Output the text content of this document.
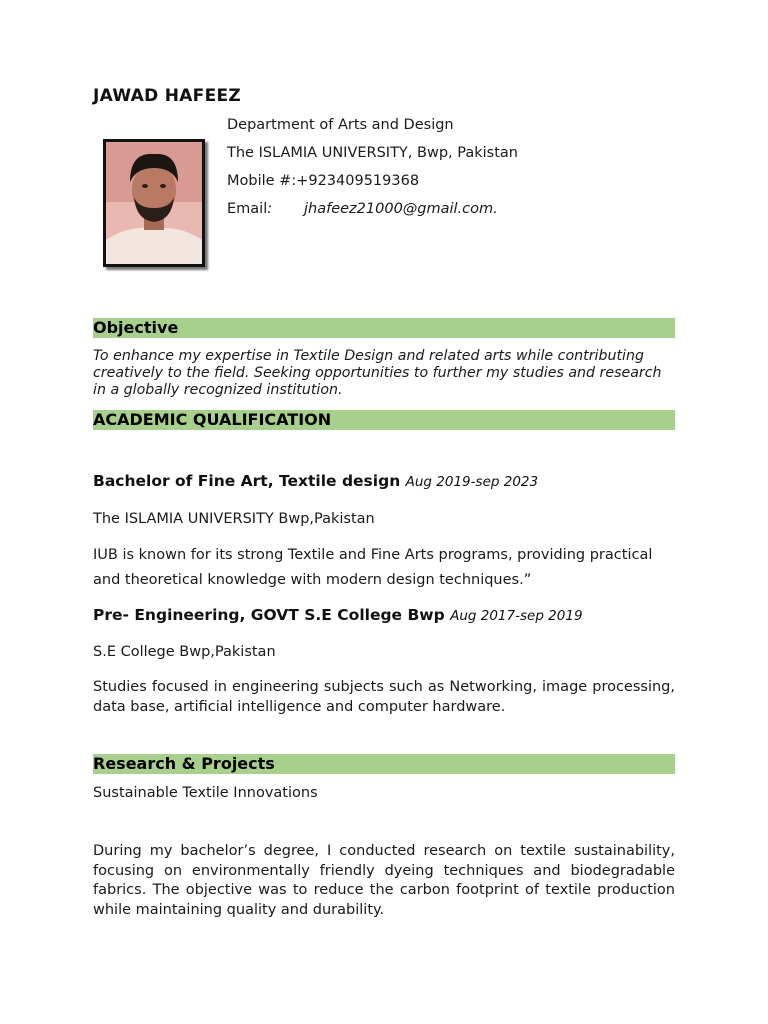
JAWAD HAFEEZ
Department of Arts and Design
The ISLAMIA UNIVERSITY, Bwp, Pakistan
Mobile #:+923409519368
Email: jhafeez21000@gmail.com.
Objective
To enhance my expertise in Textile Design and related arts while contributing creatively to the field. Seeking opportunities to further my studies and research in a globally recognized institution.
ACADEMIC QUALIFICATION
Bachelor of Fine Art, Textile design Aug 2019-sep 2023
The ISLAMIA UNIVERSITY Bwp,Pakistan
IUB is known for its strong Textile and Fine Arts programs, providing practical and theoretical knowledge with modern design techniques.”
Pre- Engineering, GOVT S.E College Bwp Aug 2017-sep 2019
S.E College Bwp,Pakistan
Studies focused in engineering subjects such as Networking, image processing, data base, artificial intelligence and computer hardware.
Research & Projects
Sustainable Textile Innovations
During my bachelor’s degree, I conducted research on textile sustainability, focusing on environmentally friendly dyeing techniques and biodegradable fabrics. The objective was to reduce the carbon footprint of textile production while maintaining quality and durability.
